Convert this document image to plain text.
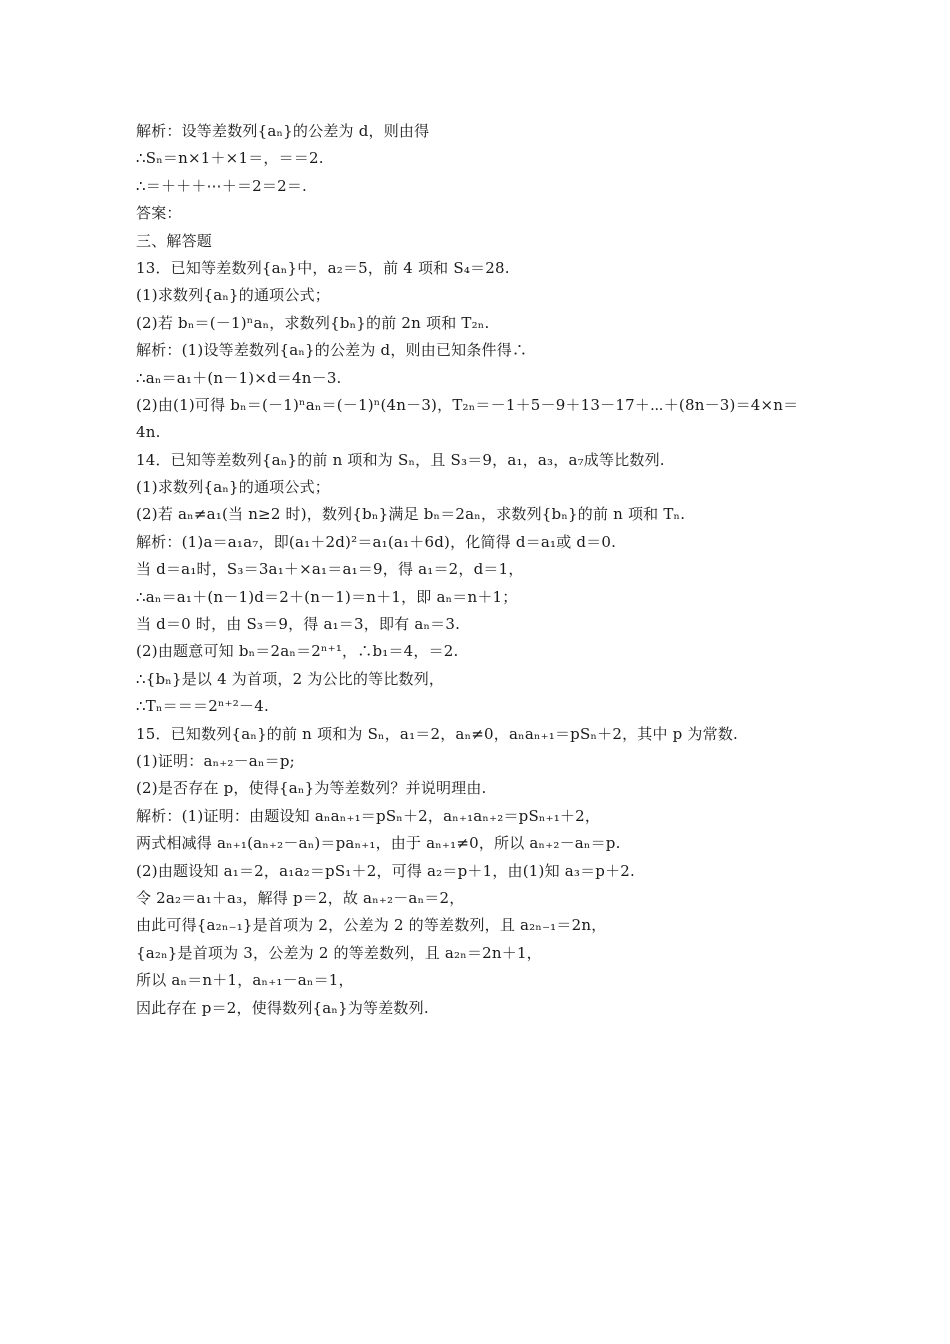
解析：设等差数列{aₙ}的公差为 d，则由得
∴Sₙ＝n×1＋×1＝，＝＝2.
∴＝＋＋＋⋯＋＝2＝2＝.
答案：
三、解答题
13．已知等差数列{aₙ}中，a₂＝5，前 4 项和 S₄＝28.
(1)求数列{aₙ}的通项公式；
(2)若 bₙ＝(－1)ⁿaₙ，求数列{bₙ}的前 2n 项和 T₂ₙ.
解析：(1)设等差数列{aₙ}的公差为 d，则由已知条件得∴
∴aₙ＝a₁＋(n－1)×d＝4n－3.
(2)由(1)可得 bₙ＝(－1)ⁿaₙ＝(－1)ⁿ(4n－3)，T₂ₙ＝－1＋5－9＋13－17＋⋯＋(8n－3)＝4×n＝
4n.
14．已知等差数列{aₙ}的前 n 项和为 Sₙ，且 S₃＝9，a₁，a₃，a₇成等比数列.
(1)求数列{aₙ}的通项公式；
(2)若 aₙ≠a₁(当 n≥2 时)，数列{bₙ}满足 bₙ＝2aₙ，求数列{bₙ}的前 n 项和 Tₙ.
解析：(1)a＝a₁a₇，即(a₁＋2d)²＝a₁(a₁＋6d)，化简得 d＝a₁或 d＝0.
当 d＝a₁时，S₃＝3a₁＋×a₁＝a₁＝9，得 a₁＝2，d＝1，
∴aₙ＝a₁＋(n－1)d＝2＋(n－1)＝n＋1，即 aₙ＝n＋1；
当 d＝0 时，由 S₃＝9，得 a₁＝3，即有 aₙ＝3.
(2)由题意可知 bₙ＝2aₙ＝2ⁿ⁺¹，∴b₁＝4，＝2.
∴{bₙ}是以 4 为首项，2 为公比的等比数列，
∴Tₙ＝＝＝2ⁿ⁺²－4.
15．已知数列{aₙ}的前 n 项和为 Sₙ，a₁＝2，aₙ≠0，aₙaₙ₊₁＝pSₙ＋2，其中 p 为常数.
(1)证明：aₙ₊₂－aₙ＝p;
(2)是否存在 p，使得{aₙ}为等差数列？并说明理由.
解析：(1)证明：由题设知 aₙaₙ₊₁＝pSₙ＋2，aₙ₊₁aₙ₊₂＝pSₙ₊₁＋2，
两式相减得 aₙ₊₁(aₙ₊₂－aₙ)＝paₙ₊₁，由于 aₙ₊₁≠0，所以 aₙ₊₂－aₙ＝p.
(2)由题设知 a₁＝2，a₁a₂＝pS₁＋2，可得 a₂＝p＋1，由(1)知 a₃＝p＋2.
令 2a₂＝a₁＋a₃，解得 p＝2，故 aₙ₊₂－aₙ＝2，
由此可得{a₂ₙ₋₁}是首项为 2，公差为 2 的等差数列，且 a₂ₙ₋₁＝2n，
{a₂ₙ}是首项为 3，公差为 2 的等差数列，且 a₂ₙ＝2n＋1，
所以 aₙ＝n＋1，aₙ₊₁－aₙ＝1，
因此存在 p＝2，使得数列{aₙ}为等差数列.
